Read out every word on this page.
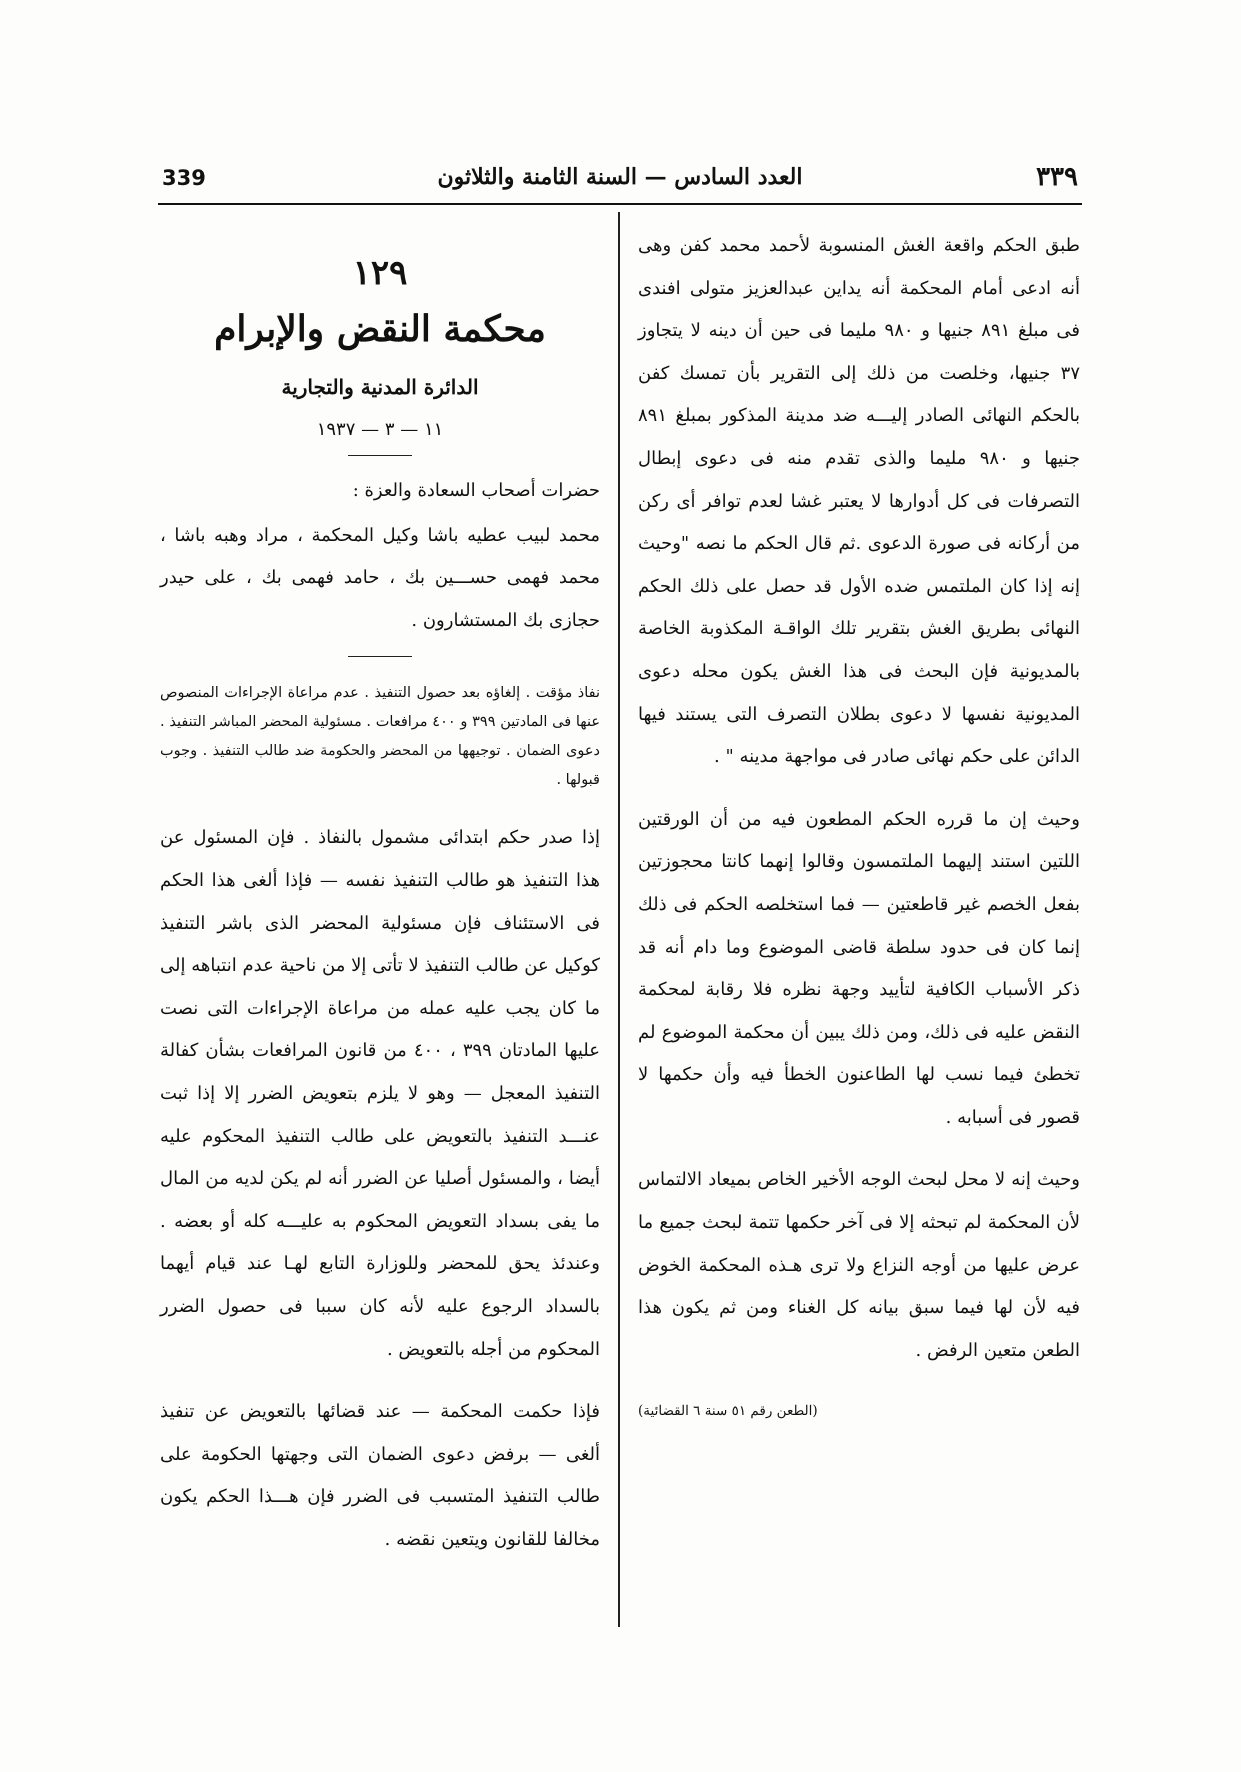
٣٣٩
العدد السادس — السنة الثامنة والثلاثون
339

طبق الحكم واقعة الغش المنسوبة لأحمد محمد كفن وهى أنه ادعى أمام المحكمة أنه يداين عبدالعزيز متولى افندى فى مبلغ ٨٩١ جنيها و ٩٨٠ مليما فى حين أن دينه لا يتجاوز ٣٧ جنيها، وخلصت من ذلك إلى التقرير بأن تمسك كفن بالحكم النهائى الصادر إليـــه ضد مدينة المذكور بمبلغ ٨٩١ جنيها و ٩٨٠ مليما والذى تقدم منه فى دعوى إبطال التصرفات فى كل أدوارها لا يعتبر غشا لعدم توافر أى ركن من أركانه فى صورة الدعوى .ثم قال الحكم ما نصه "وحيث إنه إذا كان الملتمس ضده الأول قد حصل على ذلك الحكم النهائى بطريق الغش بتقرير تلك الواقـة المكذوبة الخاصة بالمديونية فإن البحث فى هذا الغش يكون محله دعوى المديونية نفسها لا دعوى بطلان التصرف التى يستند فيها الدائن على حكم نهائى صادر فى مواجهة مدينه " .

وحيث إن ما قرره الحكم المطعون فيه من أن الورقتين اللتين استند إليهما الملتمسون وقالوا إنهما كانتا محجوزتين بفعل الخصم غير قاطعتين — فما استخلصه الحكم فى ذلك إنما كان فى حدود سلطة قاضى الموضوع وما دام أنه قد ذكر الأسباب الكافية لتأييد وجهة نظره فلا رقابة لمحكمة النقض عليه فى ذلك، ومن ذلك يبين أن محكمة الموضوع لم تخطئ فيما نسب لها الطاعنون الخطأ فيه وأن حكمها لا قصور فى أسبابه .

وحيث إنه لا محل لبحث الوجه الأخير الخاص بميعاد الالتماس لأن المحكمة لم تبحثه إلا فى آخر حكمها تتمة لبحث جميع ما عرض عليها من أوجه النزاع ولا ترى هـذه المحكمة الخوض فيه لأن لها فيما سبق بيانه كل الغناء ومن ثم يكون هذا الطعن متعين الرفض .

(الطعن رقم ٥١ سنة ٦ القضائية)

١٢٩
محكمة النقض والإبرام
الدائرة المدنية والتجارية
١١ — ٣ — ١٩٣٧

حضرات أصحاب السعادة والعزة :

محمد لبيب عطيه باشا وكيل المحكمة ، مراد وهبه باشا ، محمد فهمى حســـين بك ، حامد فهمى بك ، على حيدر حجازى بك المستشارون .

نفاذ مؤقت . إلغاؤه بعد حصول التنفيذ . عدم مراعاة الإجراءات المنصوص عنها فى المادتين ٣٩٩ و ٤٠٠ مرافعات . مسئولية المحضر المباشر التنفيذ . دعوى الضمان . توجيهها من المحضر والحكومة ضد طالب التنفيذ . وجوب قبولها .

إذا صدر حكم ابتدائى مشمول بالنفاذ . فإن المسئول عن هذا التنفيذ هو طالب التنفيذ نفسه — فإذا ألغى هذا الحكم فى الاستئناف فإن مسئولية المحضر الذى باشر التنفيذ كوكيل عن طالب التنفيذ لا تأتى إلا من ناحية عدم انتباهه إلى ما كان يجب عليه عمله من مراعاة الإجراءات التى نصت عليها المادتان ٣٩٩ ، ٤٠٠ من قانون المرافعات بشأن كفالة التنفيذ المعجل — وهو لا يلزم بتعويض الضرر إلا إذا ثبت عنـــد التنفيذ بالتعويض على طالب التنفيذ المحكوم عليه أيضا ، والمسئول أصليا عن الضرر أنه لم يكن لديه من المال ما يفى بسداد التعويض المحكوم به عليـــه كله أو بعضه . وعندئذ يحق للمحضر وللوزارة التابع لهـا عند قيام أيهما بالسداد الرجوع عليه لأنه كان سببا فى حصول الضرر المحكوم من أجله بالتعويض .

فإذا حكمت المحكمة — عند قضائها بالتعويض عن تنفيذ ألغى — برفض دعوى الضمان التى وجهتها الحكومة على طالب التنفيذ المتسبب فى الضرر فإن هـــذا الحكم يكون مخالفا للقانون ويتعين نقضه .
